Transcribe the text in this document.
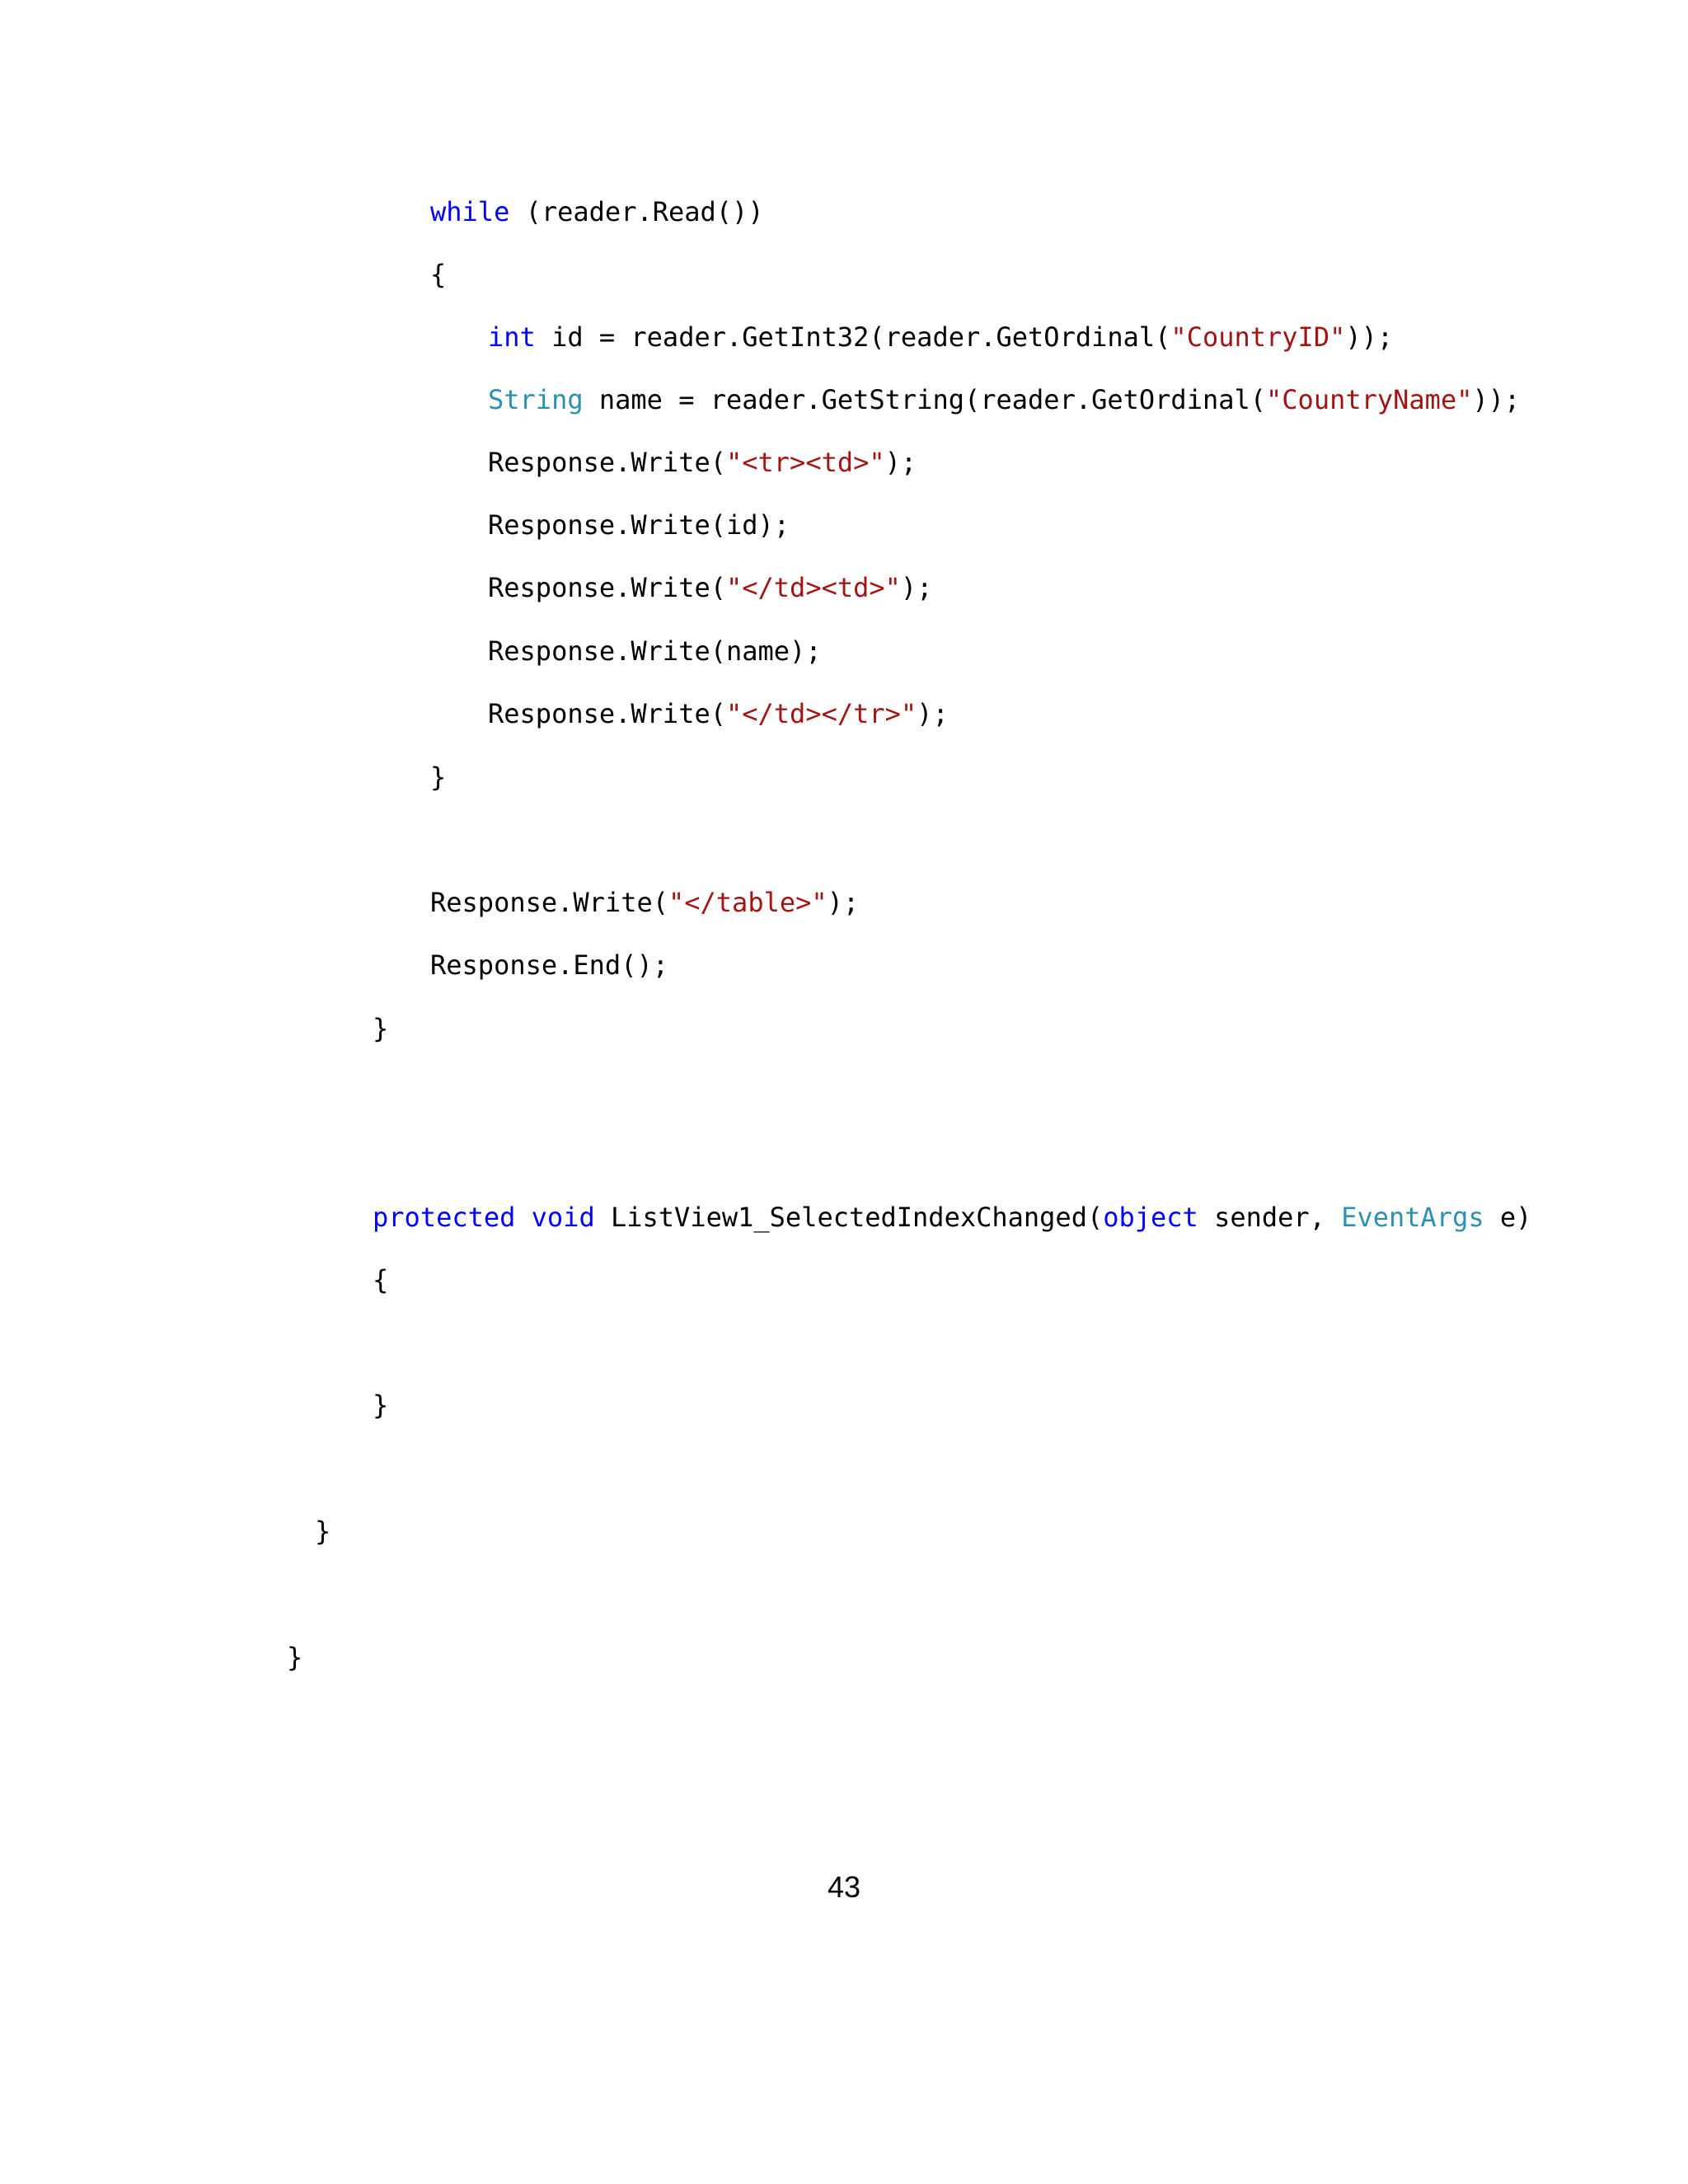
while (reader.Read())
{
int id = reader.GetInt32(reader.GetOrdinal("CountryID"));
String name = reader.GetString(reader.GetOrdinal("CountryName"));
Response.Write("<tr><td>");
Response.Write(id);
Response.Write("</td><td>");
Response.Write(name);
Response.Write("</td></tr>");
}
Response.Write("</table>");
Response.End();
}
protected void ListView1_SelectedIndexChanged(object sender, EventArgs e)
{
}
}
}
43
